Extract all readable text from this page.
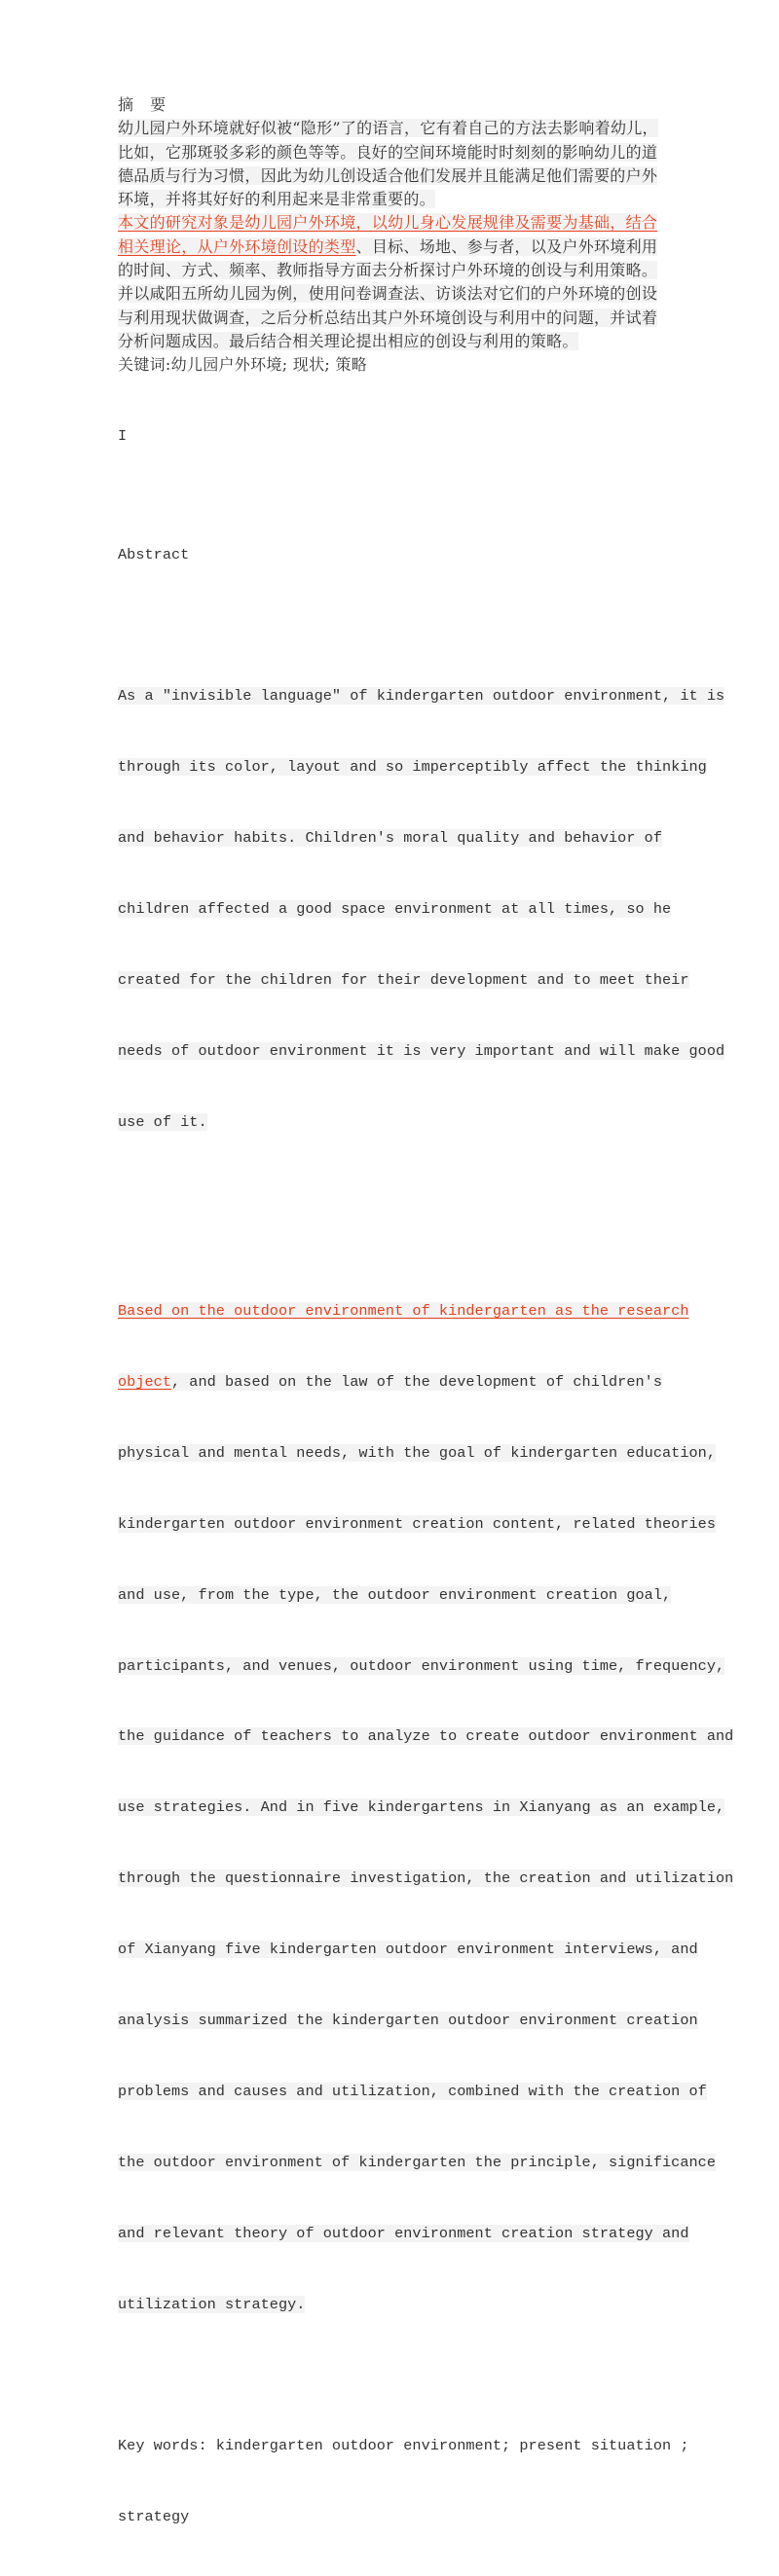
摘 要
幼儿园户外环境就好似被“隐形”了的语言，它有着自己的方法去影响着幼儿，
比如，它那斑驳多彩的颜色等等。良好的空间环境能时时刻刻的影响幼儿的道
德品质与行为习惯，因此为幼儿创设适合他们发展并且能满足他们需要的户外
环境，并将其好好的利用起来是非常重要的。
本文的研究对象是幼儿园户外环境，以幼儿身心发展规律及需要为基础，结合
相关理论，从户外环境创设的类型、目标、场地、参与者，以及户外环境利用
的时间、方式、频率、教师指导方面去分析探讨户外环境的创设与利用策略。
并以咸阳五所幼儿园为例，使用问卷调查法、访谈法对它们的户外环境的创设
与利用现状做调查，之后分析总结出其户外环境创设与利用中的问题，并试着
分析问题成因。最后结合相关理论提出相应的创设与利用的策略。
关键词:幼儿园户外环境; 现状; 策略

I

Abstract

As a "invisible language" of kindergarten outdoor environment, it is

through its color, layout and so imperceptibly affect the thinking

and behavior habits. Children's moral quality and behavior of

children affected a good space environment at all times, so he

created for the children for their development and to meet their

needs of outdoor environment it is very important and will make good

use of it.

Based on the outdoor environment of kindergarten as the research

object, and based on the law of the development of children's

physical and mental needs, with the goal of kindergarten education,

kindergarten outdoor environment creation content, related theories

and use, from the type, the outdoor environment creation goal,

participants, and venues, outdoor environment using time, frequency,

the guidance of teachers to analyze to create outdoor environment and

use strategies. And in five kindergartens in Xianyang as an example,

through the questionnaire investigation, the creation and utilization

of Xianyang five kindergarten outdoor environment interviews, and

analysis summarized the kindergarten outdoor environment creation

problems and causes and utilization, combined with the creation of

the outdoor environment of kindergarten the principle, significance

and relevant theory of outdoor environment creation strategy and

utilization strategy.

Key words: kindergarten outdoor environment; present situation ;

strategy
